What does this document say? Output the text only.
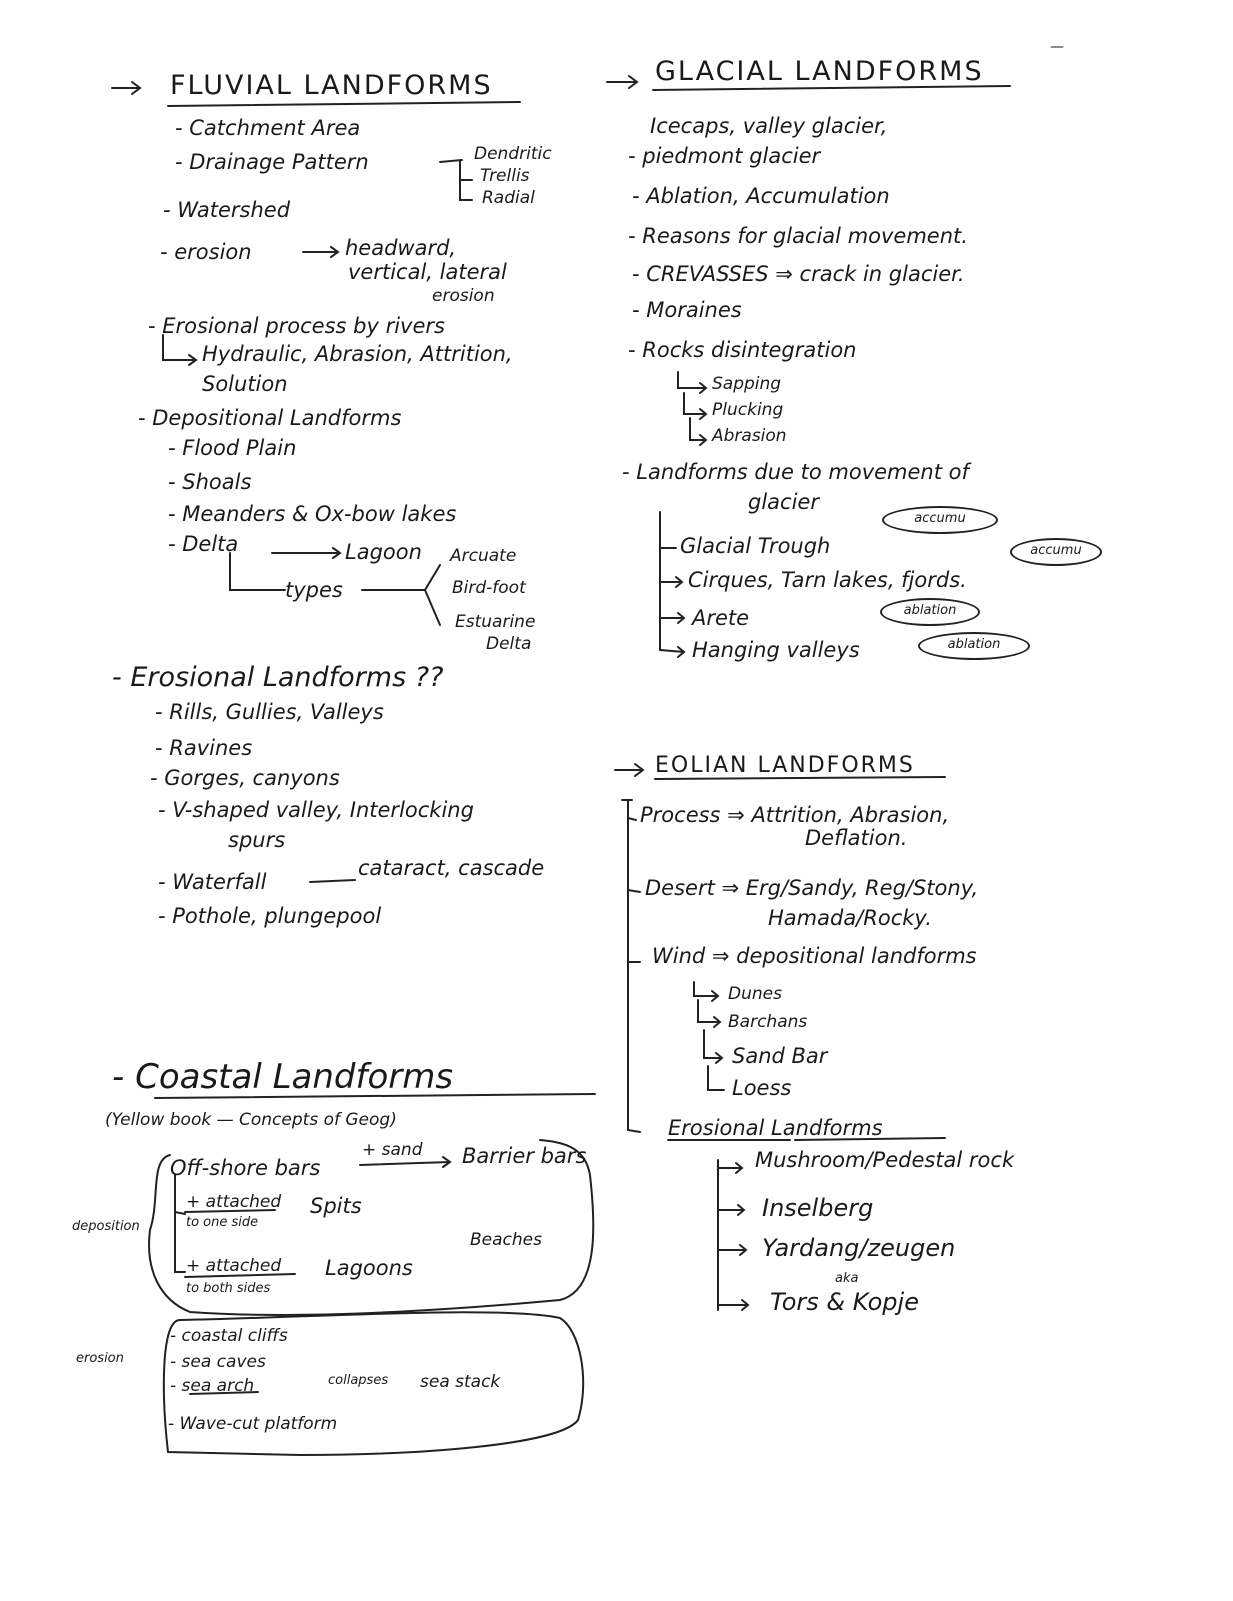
—
FLUVIAL LANDFORMS
- Catchment Area
- Drainage Pattern	Dendritic
Trellis
Radial
- Watershed
- erosion	headward,
vertical, lateral
erosion
- Erosional process by rivers
Hydraulic, Abrasion, Attrition,
Solution
- Depositional Landforms
- Flood Plain
- Shoals
- Meanders & Ox-bow lakes
- Delta	Lagoon
types
Arcuate
Bird-foot
Estuarine
Delta
- Erosional Landforms ??
- Rills, Gullies, Valleys
- Ravines
- Gorges, canyons
- V-shaped valley, Interlocking
spurs
- Waterfall
cataract, cascade
- Pothole, plungepool
GLACIAL LANDFORMS
Icecaps, valley glacier,
- piedmont glacier
- Ablation, Accumulation
- Reasons for glacial movement.
- CREVASSES ⇒ crack in glacier.
- Moraines
- Rocks disintegration
Sapping
Plucking
Abrasion
- Landforms due to movement of
glacier
Glacial Trough
Cirques, Tarn lakes, fjords.
Arete
Hanging valleys
accumu
accumu
ablation
ablation
EOLIAN LANDFORMS
Process ⇒ Attrition, Abrasion,
Deflation.
Desert ⇒ Erg/Sandy, Reg/Stony,
Hamada/Rocky.
Wind ⇒ depositional landforms
Dunes
Barchans
Sand Bar
Loess
Erosional Landforms
Mushroom/Pedestal rock
Inselberg
Yardang/zeugen
aka
Tors & Kopje
- Coastal Landforms
(Yellow book — Concepts of Geog)
deposition
erosion
Off-shore bars
+ sand Barrier bars
+ attached
to one side
Spits
Beaches
+ attached
to both sides
Lagoons
- coastal cliffs
- sea caves
- sea arch	collapses sea stack
- Wave-cut platform
